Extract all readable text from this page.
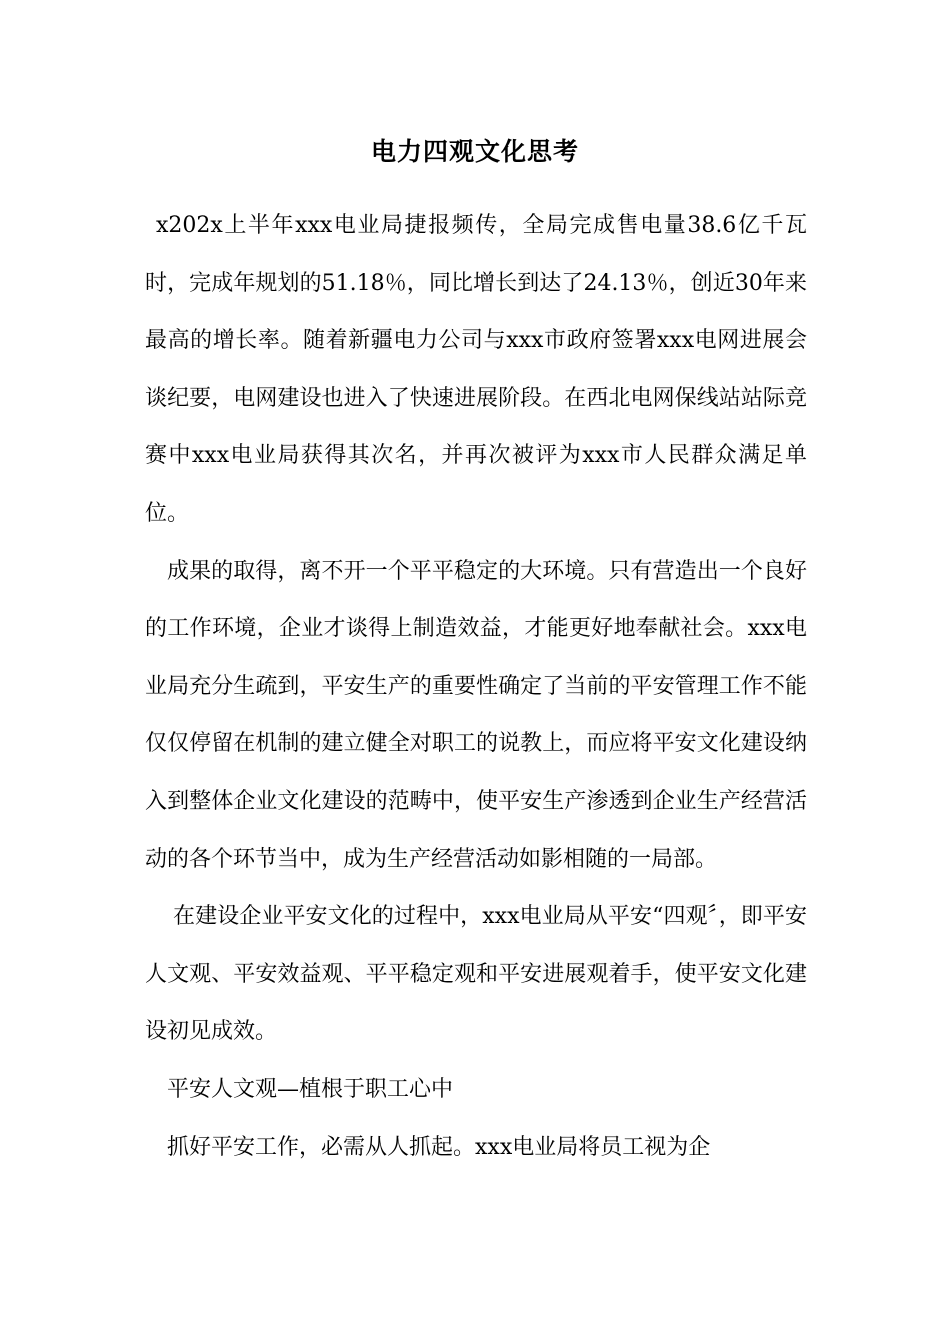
电力四观文化思考

x202x上半年xxx电业局捷报频传，全局完成售电量38.6亿千瓦时，完成年规划的51.18％，同比增长到达了24.13％，创近30年来最高的增长率。随着新疆电力公司与xxx市政府签署xxx电网进展会谈纪要，电网建设也进入了快速进展阶段。在西北电网保线站站际竞赛中xxx电业局获得其次名，并再次被评为xxx市人民群众满足单位。

成果的取得，离不开一个平平稳定的大环境。只有营造出一个良好的工作环境，企业才谈得上制造效益，才能更好地奉献社会。xxx电业局充分生疏到，平安生产的重要性确定了当前的平安管理工作不能仅仅停留在机制的建立健全对职工的说教上，而应将平安文化建设纳入到整体企业文化建设的范畴中，使平安生产渗透到企业生产经营活动的各个环节当中，成为生产经营活动如影相随的一局部。

在建设企业平安文化的过程中，xxx电业局从平安“四观〞，即平安人文观、平安效益观、平平稳定观和平安进展观着手，使平安文化建设初见成效。

平安人文观—植根于职工心中

抓好平安工作，必需从人抓起。xxx电业局将员工视为企
